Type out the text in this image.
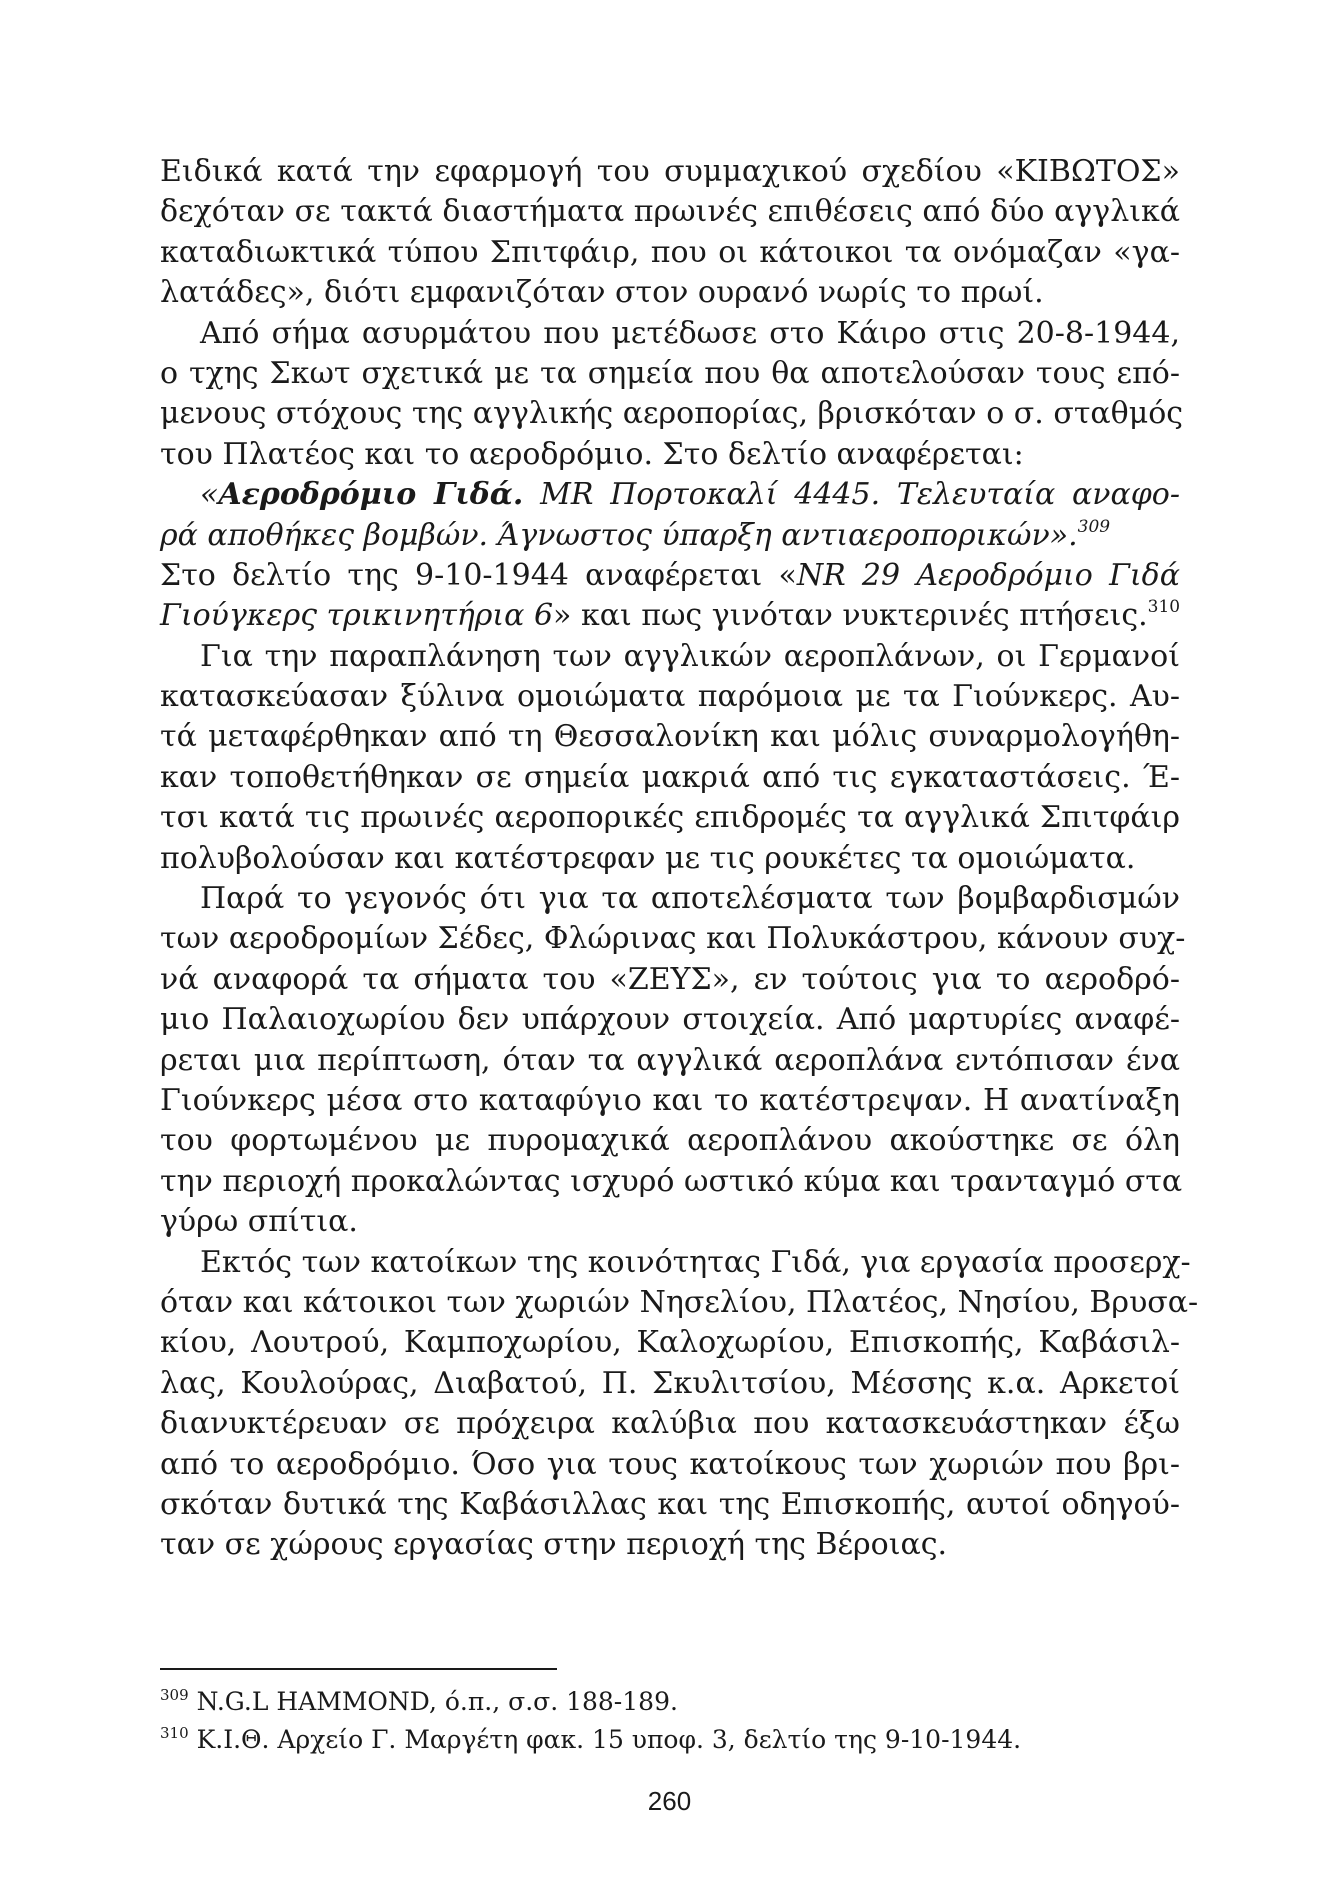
Ειδικά κατά την εφαρμογή του συμμαχικού σχεδίου «ΚΙΒΩΤΟΣ»
δεχόταν σε τακτά διαστήματα πρωινές επιθέσεις από δύο αγγλικά
καταδιωκτικά τύπου Σπιτφάιρ, που οι κάτοικοι τα ονόμαζαν «γα-
λατάδες», διότι εμφανιζόταν στον ουρανό νωρίς το πρωί.
Από σήμα ασυρμάτου που μετέδωσε στο Κάιρο στις 20-8-1944,
ο τχης Σκωτ σχετικά με τα σημεία που θα αποτελούσαν τους επό-
μενους στόχους της αγγλικής αεροπορίας, βρισκόταν ο σ. σταθμός
του Πλατέος και το αεροδρόμιο. Στο δελτίο αναφέρεται:
«Αεροδρόμιο Γιδά. MR Πορτοκαλί 4445. Τελευταία αναφο-
ρά αποθήκες βομβών. Άγνωστος ύπαρξη αντιαεροπορικών».$^{309}$
Στο δελτίο της 9-10-1944 αναφέρεται «NR 29 Αεροδρόμιο Γιδά
Γιούγκερς τρικινητήρια 6» και πως γινόταν νυκτερινές πτήσεις.$^{310}$
Για την παραπλάνηση των αγγλικών αεροπλάνων, οι Γερμανοί
κατασκεύασαν ξύλινα ομοιώματα παρόμοια με τα Γιούνκερς. Αυ-
τά μεταφέρθηκαν από τη Θεσσαλονίκη και μόλις συναρμολογήθη-
καν τοποθετήθηκαν σε σημεία μακριά από τις εγκαταστάσεις. Έ-
τσι κατά τις πρωινές αεροπορικές επιδρομές τα αγγλικά Σπιτφάιρ
πολυβολούσαν και κατέστρεφαν με τις ρουκέτες τα ομοιώματα.
Παρά το γεγονός ότι για τα αποτελέσματα των βομβαρδισμών
των αεροδρομίων Σέδες, Φλώρινας και Πολυκάστρου, κάνουν συχ-
νά αναφορά τα σήματα του «ΖΕΥΣ», εν τούτοις για το αεροδρό-
μιο Παλαιοχωρίου δεν υπάρχουν στοιχεία. Από μαρτυρίες αναφέ-
ρεται μια περίπτωση, όταν τα αγγλικά αεροπλάνα εντόπισαν ένα
Γιούνκερς μέσα στο καταφύγιο και το κατέστρεψαν. Η ανατίναξη
του φορτωμένου με πυρομαχικά αεροπλάνου ακούστηκε σε όλη
την περιοχή προκαλώντας ισχυρό ωστικό κύμα και τρανταγμό στα
γύρω σπίτια.
Εκτός των κατοίκων της κοινότητας Γιδά, για εργασία προσερχ-
όταν και κάτοικοι των χωριών Νησελίου, Πλατέος, Νησίου, Βρυσα-
κίου, Λουτρού, Καμποχωρίου, Καλοχωρίου, Επισκοπής, Καβάσιλ-
λας, Κουλούρας, Διαβατού, Π. Σκυλιτσίου, Μέσσης κ.α. Αρκετοί
διανυκτέρευαν σε πρόχειρα καλύβια που κατασκευάστηκαν έξω
από το αεροδρόμιο. Όσο για τους κατοίκους των χωριών που βρι-
σκόταν δυτικά της Καβάσιλλας και της Επισκοπής, αυτοί οδηγού-
ταν σε χώρους εργασίας στην περιοχή της Βέροιας.
$^{309}$ N.G.L HAMMOND, ό.π., σ.σ. 188-189.
$^{310}$ Κ.Ι.Θ. Αρχείο Γ. Μαργέτη φακ. 15 υποφ. 3, δελτίο της 9-10-1944.
260
